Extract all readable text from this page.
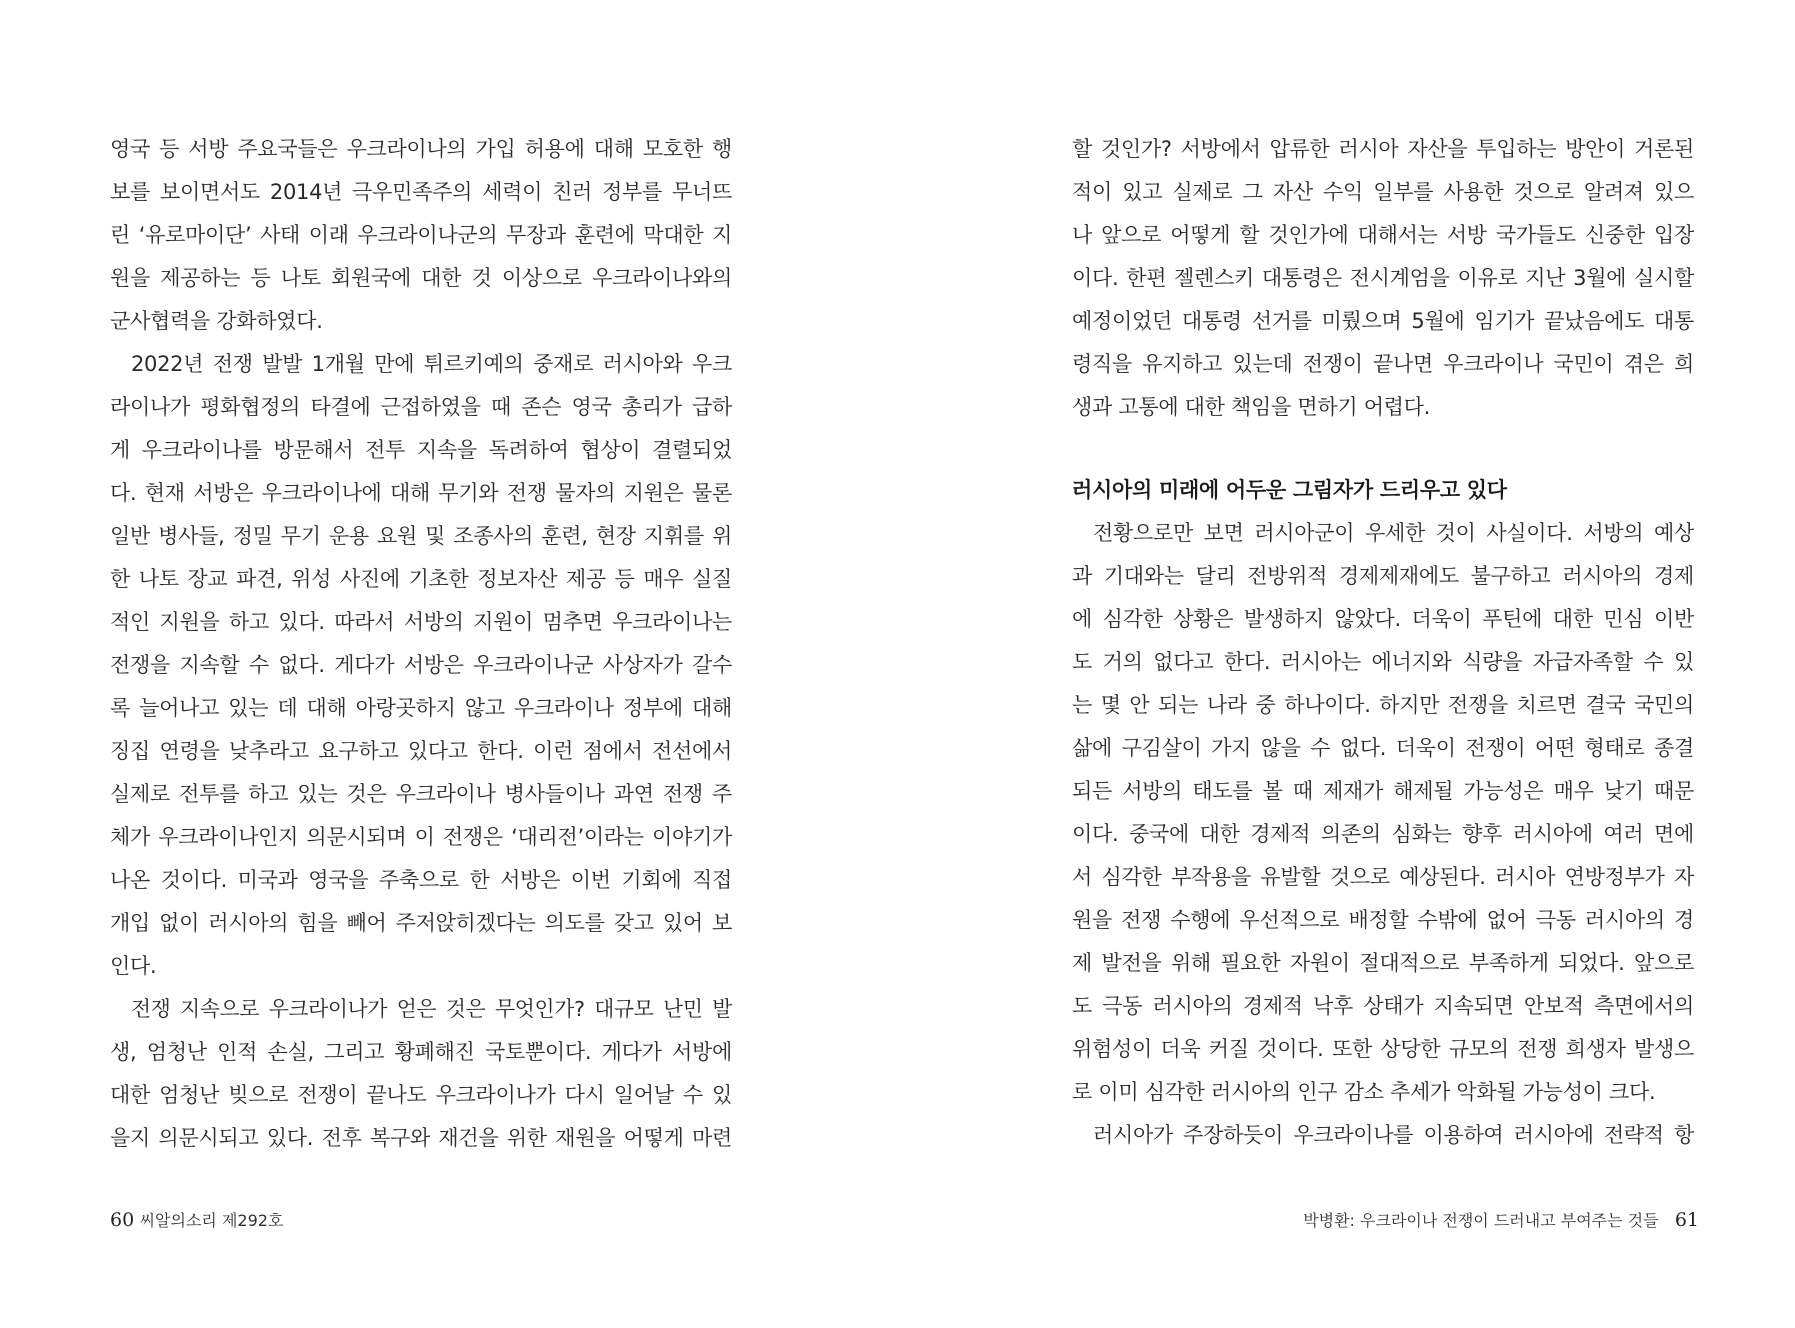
영국 등 서방 주요국들은 우크라이나의 가입 허용에 대해 모호한 행
보를 보이면서도 2014년 극우민족주의 세력이 친러 정부를 무너뜨
린 ‘유로마이단’ 사태 이래 우크라이나군의 무장과 훈련에 막대한 지
원을 제공하는 등 나토 회원국에 대한 것 이상으로 우크라이나와의
군사협력을 강화하였다.
2022년 전쟁 발발 1개월 만에 튀르키예의 중재로 러시아와 우크
라이나가 평화협정의 타결에 근접하였을 때 존슨 영국 총리가 급하
게 우크라이나를 방문해서 전투 지속을 독려하여 협상이 결렬되었
다. 현재 서방은 우크라이나에 대해 무기와 전쟁 물자의 지원은 물론
일반 병사들, 정밀 무기 운용 요원 및 조종사의 훈련, 현장 지휘를 위
한 나토 장교 파견, 위성 사진에 기초한 정보자산 제공 등 매우 실질
적인 지원을 하고 있다. 따라서 서방의 지원이 멈추면 우크라이나는
전쟁을 지속할 수 없다. 게다가 서방은 우크라이나군 사상자가 갈수
록 늘어나고 있는 데 대해 아랑곳하지 않고 우크라이나 정부에 대해
징집 연령을 낮추라고 요구하고 있다고 한다. 이런 점에서 전선에서
실제로 전투를 하고 있는 것은 우크라이나 병사들이나 과연 전쟁 주
체가 우크라이나인지 의문시되며 이 전쟁은 ‘대리전’이라는 이야기가
나온 것이다. 미국과 영국을 주축으로 한 서방은 이번 기회에 직접
개입 없이 러시아의 힘을 빼어 주저앉히겠다는 의도를 갖고 있어 보
인다.
전쟁 지속으로 우크라이나가 얻은 것은 무엇인가? 대규모 난민 발
생, 엄청난 인적 손실, 그리고 황폐해진 국토뿐이다. 게다가 서방에
대한 엄청난 빚으로 전쟁이 끝나도 우크라이나가 다시 일어날 수 있
을지 의문시되고 있다. 전후 복구와 재건을 위한 재원을 어떻게 마련
할 것인가? 서방에서 압류한 러시아 자산을 투입하는 방안이 거론된
적이 있고 실제로 그 자산 수익 일부를 사용한 것으로 알려져 있으
나 앞으로 어떻게 할 것인가에 대해서는 서방 국가들도 신중한 입장
이다. 한편 젤렌스키 대통령은 전시계엄을 이유로 지난 3월에 실시할
예정이었던 대통령 선거를 미뤘으며 5월에 임기가 끝났음에도 대통
령직을 유지하고 있는데 전쟁이 끝나면 우크라이나 국민이 겪은 희
생과 고통에 대한 책임을 면하기 어렵다.
러시아의 미래에 어두운 그림자가 드리우고 있다
전황으로만 보면 러시아군이 우세한 것이 사실이다. 서방의 예상
과 기대와는 달리 전방위적 경제제재에도 불구하고 러시아의 경제
에 심각한 상황은 발생하지 않았다. 더욱이 푸틴에 대한 민심 이반
도 거의 없다고 한다. 러시아는 에너지와 식량을 자급자족할 수 있
는 몇 안 되는 나라 중 하나이다. 하지만 전쟁을 치르면 결국 국민의
삶에 구김살이 가지 않을 수 없다. 더욱이 전쟁이 어떤 형태로 종결
되든 서방의 태도를 볼 때 제재가 해제될 가능성은 매우 낮기 때문
이다. 중국에 대한 경제적 의존의 심화는 향후 러시아에 여러 면에
서 심각한 부작용을 유발할 것으로 예상된다. 러시아 연방정부가 자
원을 전쟁 수행에 우선적으로 배정할 수밖에 없어 극동 러시아의 경
제 발전을 위해 필요한 자원이 절대적으로 부족하게 되었다. 앞으로
도 극동 러시아의 경제적 낙후 상태가 지속되면 안보적 측면에서의
위험성이 더욱 커질 것이다. 또한 상당한 규모의 전쟁 희생자 발생으
로 이미 심각한 러시아의 인구 감소 추세가 악화될 가능성이 크다.
러시아가 주장하듯이 우크라이나를 이용하여 러시아에 전략적 항
60 씨알의소리 제292호	박병환: 우크라이나 전쟁이 드러내고 부여주는 것들 61
